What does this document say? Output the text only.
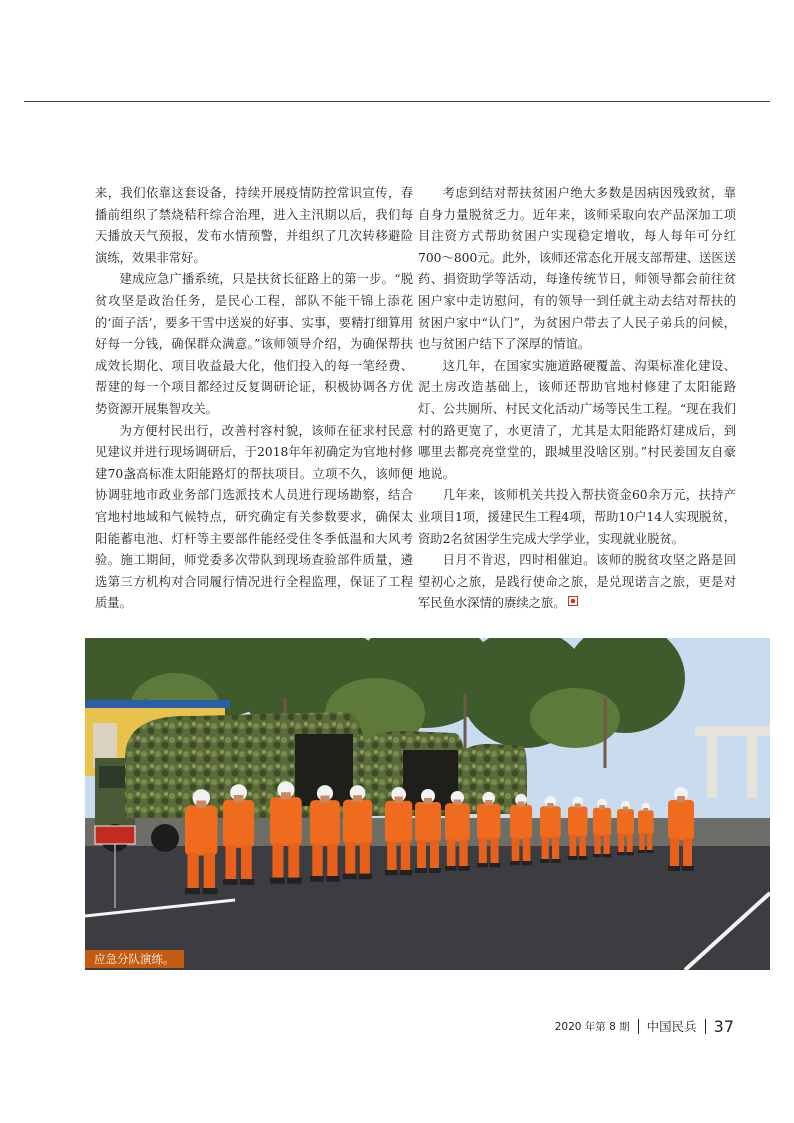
来，我们依靠这套设备，持续开展疫情防控常识宣传，春播前组织了禁烧秸秆综合治理，进入主汛期以后，我们每天播放天气预报，发布水情预警，并组织了几次转移避险演练，效果非常好。

建成应急广播系统，只是扶贫长征路上的第一步。“脱贫攻坚是政治任务，是民心工程，部队不能干锦上添花的‘面子活’，要多干雪中送炭的好事、实事，要精打细算用好每一分钱，确保群众满意。”该师领导介绍，为确保帮扶成效长期化、项目收益最大化，他们投入的每一笔经费、帮建的每一个项目都经过反复调研论证，积极协调各方优势资源开展集智攻关。

为方便村民出行，改善村容村貌，该师在征求村民意见建议并进行现场调研后，于2018年年初确定为官地村修建70盏高标准太阳能路灯的帮扶项目。立项不久，该师便协调驻地市政业务部门选派技术人员进行现场勘察，结合官地村地域和气候特点，研究确定有关参数要求，确保太阳能蓄电池、灯杆等主要部件能经受住冬季低温和大风考验。施工期间，师党委多次带队到现场查验部件质量，遴选第三方机构对合同履行情况进行全程监理，保证了工程质量。

考虑到结对帮扶贫困户绝大多数是因病因残致贫，靠自身力量脱贫乏力。近年来，该师采取向农产品深加工项目注资方式帮助贫困户实现稳定增收，每人每年可分红700～800元。此外，该师还常态化开展支部帮建、送医送药、捐资助学等活动，每逢传统节日，师领导都会前往贫困户家中走访慰问，有的领导一到任就主动去结对帮扶的贫困户家中“认门”，为贫困户带去了人民子弟兵的问候，也与贫困户结下了深厚的情谊。

这几年，在国家实施道路硬覆盖、沟渠标准化建设、泥土房改造基础上，该师还帮助官地村修建了太阳能路灯、公共厕所、村民文化活动广场等民生工程。“现在我们村的路更宽了，水更清了，尤其是太阳能路灯建成后，到哪里去都亮亮堂堂的，跟城里没啥区别。”村民姜国友自豪地说。

几年来，该师机关共投入帮扶资金60余万元，扶持产业项目1项，援建民生工程4项，帮助10户14人实现脱贫，资助2名贫困学生完成大学学业，实现就业脱贫。

日月不肯迟，四时相催迫。该师的脱贫攻坚之路是回望初心之旅，是践行使命之旅，是兑现诺言之旅，更是对军民鱼水深情的赓续之旅。

应急分队演练。
2020 年第 8 期 中国民兵 37
